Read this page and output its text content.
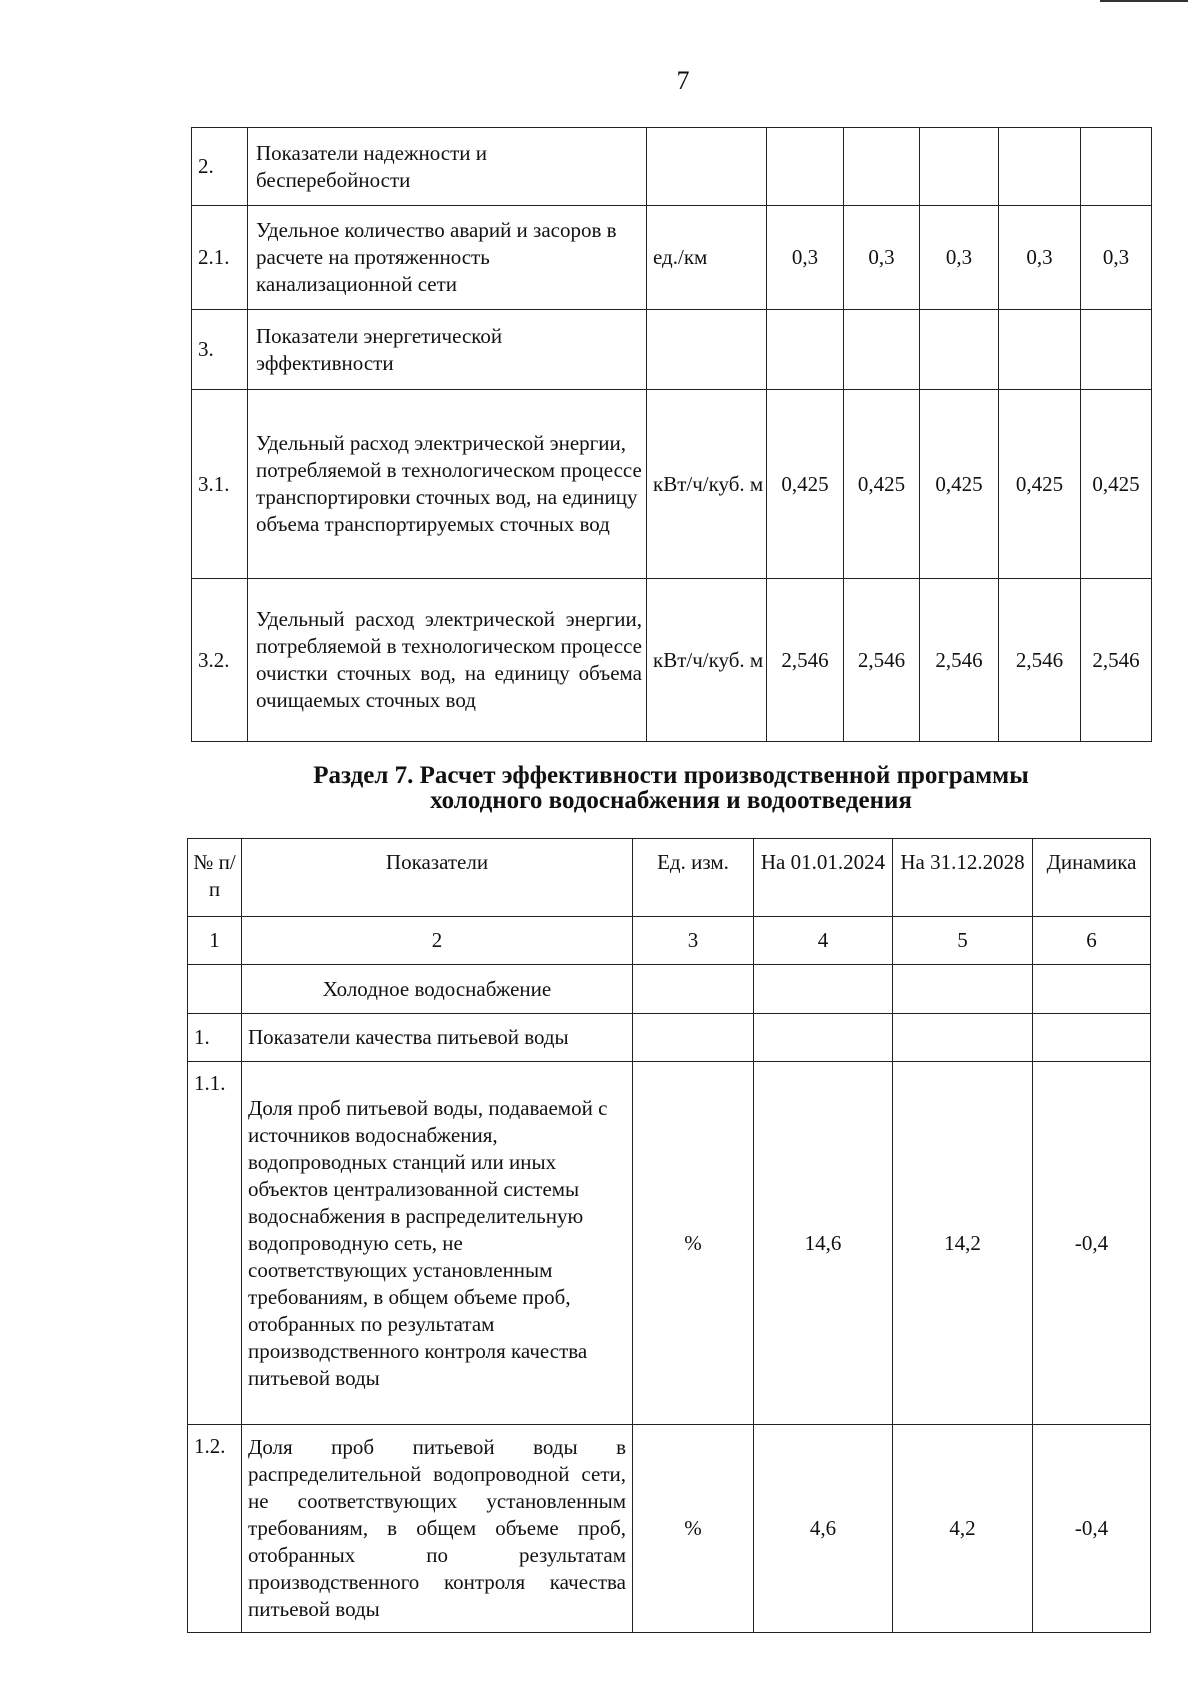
7
2.	Показатели надежности и бесперебойности						
2.1.	Удельное количество аварий и засоров в расчете на протяженность канализационной сети	ед./км	0,3	0,3	0,3	0,3	0,3
3.	Показатели энергетической эффективности						
3.1.	Удельный расход электрической энергии, потребляемой в технологическом процессе транспортировки сточных вод, на единицу объема транспортируемых сточных вод	кВт/ч/куб. м	0,425	0,425	0,425	0,425	0,425
3.2.	Удельный расход электрической энергии, потребляемой в технологическом процессе очистки сточных вод, на единицу объема очищаемых сточных вод	кВт/ч/куб. м	2,546	2,546	2,546	2,546	2,546
Раздел 7. Расчет эффективности производственной программы
холодного водоснабжения и водоотведения
№ п/п	Показатели	Ед. изм.	На 01.01.2024	На 31.12.2028	Динамика
1	2	3	4	5	6
	Холодное водоснабжение				
1.	Показатели качества питьевой воды				
1.1.	Доля проб питьевой воды, подаваемой с источников водоснабжения, водопроводных станций или иных объектов централизованной системы водоснабжения в распределительную водопроводную сеть, не соответствующих установленным требованиям, в общем объеме проб, отобранных по результатам производственного контроля качества питьевой воды	%	14,6	14,2	-0,4
1.2.	Доля проб питьевой воды в распределительной водопроводной сети, не соответствующих установленным требованиям, в общем объеме проб, отобранных по результатам производственного контроля качества питьевой воды	%	4,6	4,2	-0,4
